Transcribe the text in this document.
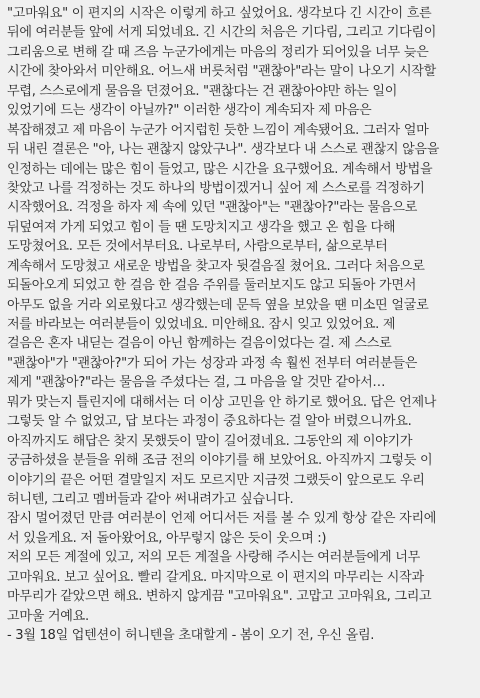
"고마워요" 이 편지의 시작은 이렇게 하고 싶었어요. 생각보다 긴 시간이 흐른
뒤에 여러분들 앞에 서게 되었네요. 긴 시간의 처음은 기다림, 그리고 기다림이
그리움으로 변해 갈 때 즈음 누군가에게는 마음의 정리가 되어있을 너무 늦은
시간에 찾아와서 미안해요. 어느새 버릇처럼 "괜찮아"라는 말이 나오기 시작할
무렵, 스스로에게 물음을 던졌어요. "괜찮다는 건 괜찮아야만 하는 일이
있었기에 드는 생각이 아닐까?" 이러한 생각이 계속되자 제 마음은
복잡해졌고 제 마음이 누군가 어지럽힌 듯한 느낌이 계속됐어요. 그러자 얼마
뒤 내린 결론은 "아, 나는 괜찮지 않았구나". 생각보다 내 스스로 괜찮지 않음을
인정하는 데에는 많은 힘이 들었고, 많은 시간을 요구했어요. 계속해서 방법을
찾았고 나를 걱정하는 것도 하나의 방법이겠거니 싶어 제 스스로를 걱정하기
시작했어요. 걱정을 하자 제 속에 있던 "괜찮아"는 "괜찮아?"라는 물음으로
뒤덮여져 가게 되었고 힘이 들 땐 도망치지고 생각을 했고 온 힘을 다해
도망쳤어요. 모든 것에서부터요. 나로부터, 사람으로부터, 삶으로부터
계속해서 도망쳤고 새로운 방법을 찾고자 뒷걸음질 쳤어요. 그러다 처음으로
되돌아오게 되었고 한 걸음 한 걸음 주위를 둘러보지도 않고 되돌아 가면서
아무도 없을 거라 외로웠다고 생각했는데 문득 옆을 보았을 땐 미소띤 얼굴로
저를 바라보는 여러분들이 있었네요. 미안해요. 잠시 잊고 있었어요. 제
걸음은 혼자 내딛는 걸음이 아닌 함께하는 걸음이었다는 걸. 제 스스로
"괜찮아"가 "괜찮아?"가 되어 가는 성장과 과정 속 훨씬 전부터 여러분들은
제게 "괜찮아?"라는 물음을 주셨다는 걸, 그 마음을 알 것만 같아서…
뭐가 맞는지 틀린지에 대해서는 더 이상 고민을 안 하기로 했어요. 답은 언제나
그렇듯 알 수 없었고, 답 보다는 과정이 중요하다는 걸 알아 버렸으니까요.
아직까지도 해답은 찾지 못했듯이 말이 길어졌네요. 그동안의 제 이야기가
궁금하셨을 분들을 위해 조금 전의 이야기를 해 보았어요. 아직까지 그렇듯 이
이야기의 끝은 어떤 결말일지 저도 모르지만 지금껏 그랬듯이 앞으로도 우리
허니텐, 그리고 멤버들과 같아 써내려가고 싶습니다.
잠시 멀어졌던 만큼 여러분이 언제 어디서든 저를 볼 수 있게 항상 같은 자리에
서 있을게요. 저 돌아왔어요, 아무렇지 않은 듯이 웃으며 :)
저의 모든 계절에 있고, 저의 모든 계절을 사랑해 주시는 여러분들에게 너무
고마워요. 보고 싶어요. 빨리 갈게요. 마지막으로 이 편지의 마무리는 시작과
마무리가 같았으면 해요. 변하지 않게끔 "고마워요". 고맙고 고마워요, 그리고
고마울 거예요.
- 3월 18일 업텐션이 허니텐을 초대할게 - 봄이 오기 전, 우신 올림.
